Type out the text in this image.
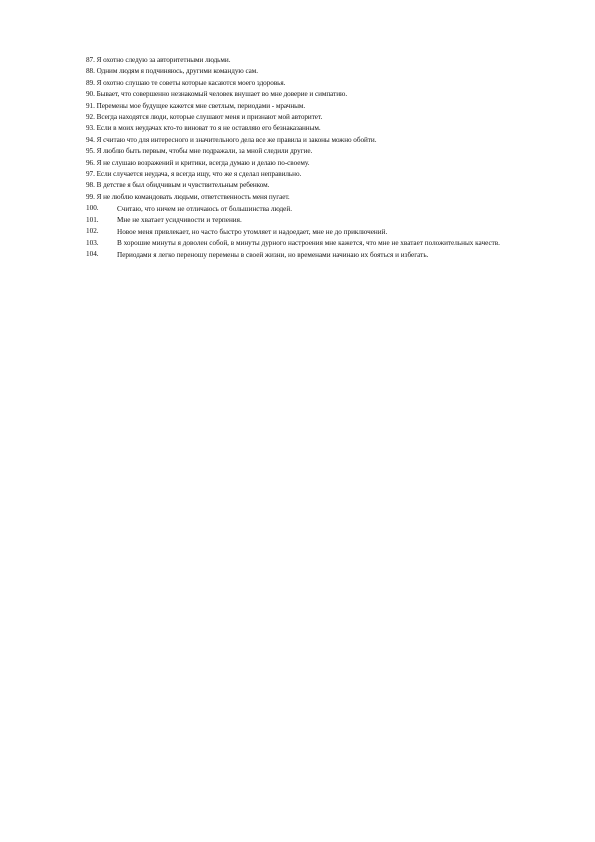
87. Я охотно следую за авторитетными людьми.
88. Одним людям я подчиняюсь, другими командую сам.
89. Я охотно слушаю те советы которые касаются моего здоровья.
90. Бывает, что совершенно незнакомый человек внушает во мне доверие и симпатию.
91. Перемены мое будущее кажется мне светлым, периодами - мрачным.
92. Всегда находятся люди, которые слушают меня и признают мой авторитет.
93. Если в моих неудачах кто-то виноват то я не оставляю его безнаказанным.
94. Я считаю что для интересного и значительного дела все же правила и законы можно обойти.
95. Я люблю быть первым, чтобы мне подражали, за мной следили другие.
96. Я не слушаю возражений и критики, всегда думаю и делаю по-своему.
97. Если случается неудача, я всегда ищу, что же я сделал неправильно.
98. В детстве я был обидчивым и чувствительным ребенком.
99. Я не люблю командовать людьми, ответственность меня пугает.
100.	Считаю, что ничем не отличаюсь от большинства людей.
101.	Мне не хватает усидчивости и терпения.
102.	Новое меня привлекает, но часто быстро утомляет и надоедает, мне не до приключений.
103.	В хорошие минуты я доволен собой, в минуты дурного настроения мне кажется, что мне не хватает положительных качеств.
104.	Периодами я легко переношу перемены в своей жизни, но временами начинаю их бояться и избегать.
